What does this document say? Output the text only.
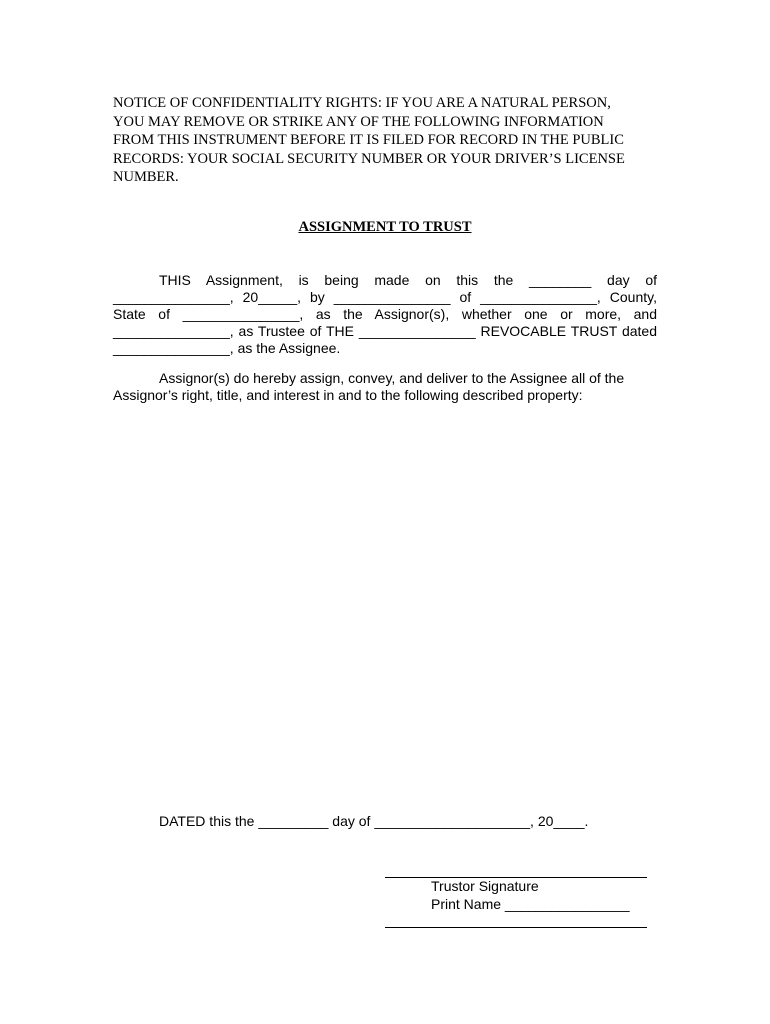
NOTICE OF CONFIDENTIALITY RIGHTS: IF YOU ARE A NATURAL PERSON,
YOU MAY REMOVE OR STRIKE ANY OF THE FOLLOWING INFORMATION
FROM THIS INSTRUMENT BEFORE IT IS FILED FOR RECORD IN THE PUBLIC
RECORDS: YOUR SOCIAL SECURITY NUMBER OR YOUR DRIVER’S LICENSE
NUMBER.
ASSIGNMENT TO TRUST
THIS Assignment, is being made on this the ________ day of _______________, 20_____, by _______________ of _______________, County, State of _______________, as the Assignor(s), whether one or more, and _______________, as Trustee of THE _______________ REVOCABLE TRUST dated _______________, as the Assignee.
Assignor(s) do hereby assign, convey, and deliver to the Assignee all of the Assignor’s right, title, and interest in and to the following described property:
DATED this the _________ day of ____________________, 20____.
Trustor Signature
Print Name ________________
